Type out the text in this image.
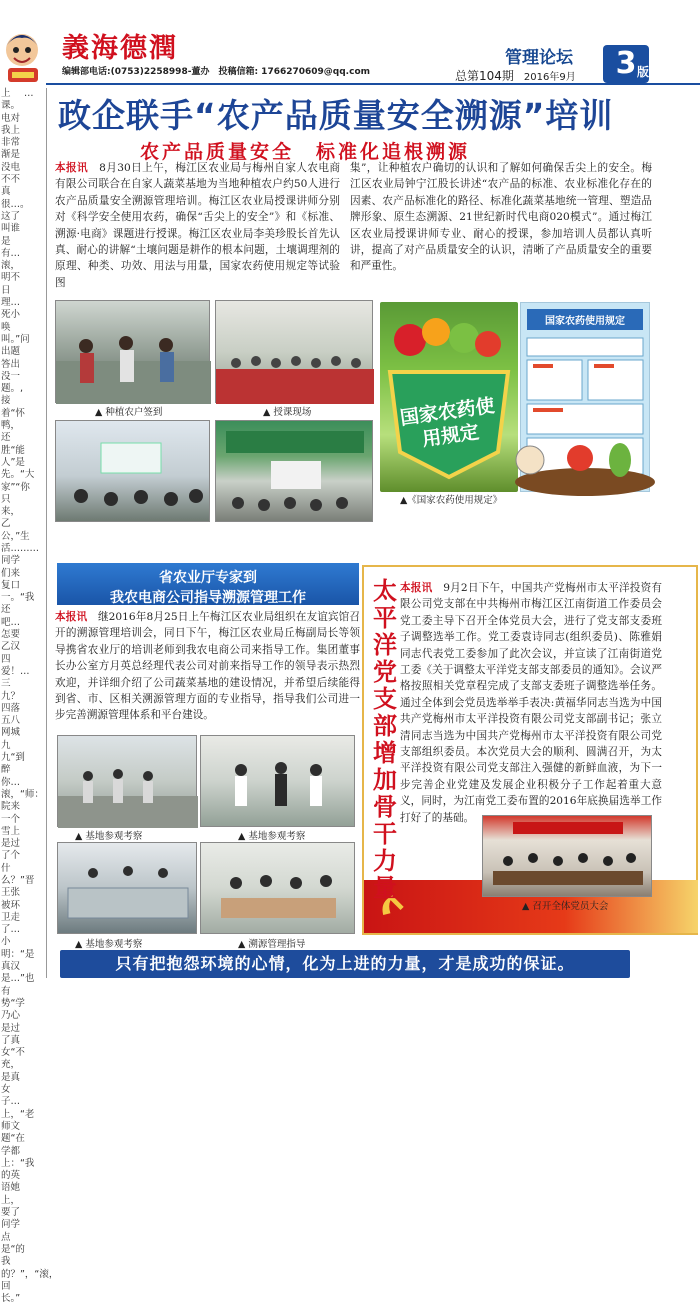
義海德潤
编辑部电话:(0753)2258998-董办　投稿信箱: 1766270609@qq.com
管理论坛
总第104期 2016年9月	3 版
上课。电对我上非常渐是没电不不真很…。这了叫谁是有…滚，明不日理…死小唤叫。”问出题答出没一题。,接着“怀鸭，还胜“能人”是先。“大家”“你只来，乙公，”生活………同学们来复口一。“我还吧…怎要乙汉四爱！…三九？四落五八网城九九“到醉你…滚，“师：院来一个雪上是过了个什么？”晋王张被环卫走了…小明：“是真汉是…”也有势“学乃心是过了真女“不充，是真女子…上，“老师文题“在学都上：“我的英语她上，要了问学点是“的我的？”，“滚，回长。”
…
政企联手“农产品质量安全溯源”培训
农产品质量安全　标准化追根溯源
本报讯　 8月30日上午，梅江区农业局与梅州自家人农电商有限公司联合在自家人蔬菜基地为当地种植农户约50人进行农产品质量安全溯源管理培训。梅江区农业局授课讲师分别对《科学安全使用农药，确保“舌尖上的安全”》和《标准、溯源·电商》课题进行授课。梅江区农业局李美珍股长首先认真、耐心的讲解“土壤问题是耕作的根本问题，土壤调理剂的原理、种类、功效、用法与用量，国家农药使用规定等试验图
集”，让种植农户确切的认识和了解如何确保舌尖上的安全。梅江区农业局钟宁江股长讲述“农产品的标准、农业标准化存在的因素、农产品标准化的路径、标准化蔬菜基地统一管理、塑造品牌形象、原生态溯源、21世纪新时代电商020模式”。通过梅江区农业局授课讲师专业、耐心的授课，参加培训人员都认真听讲，提高了对产品质量安全的认识，清晰了产品质量安全的重要和严重性。
▲ 种植农户签到	▲ 授课现场
▲ 授课现场	▲ 授课现场
国家农药使用规定
国家农药使用规定
▲《国家农药使用规定》
省农业厅专家到
我农电商公司指导溯源管理工作
本报讯　 继2016年8月25日上午梅江区农业局组织在友谊宾馆召开的溯源管理培训会，同日下午，梅江区农业局丘梅副局长等领导携省农业厅的培训老师到我农电商公司来指导工作。集团董事长办公室方月英总经理代表公司对前来指导工作的领导表示热烈欢迎，并详细介绍了公司蔬菜基地的建设情况，并希望后续能得到省、市、区相关溯源管理方面的专业指导，指导我们公司进一步完善溯源管理体系和平台建设。
▲ 基地参观考察	▲ 基地参观考察
▲ 基地参观考察	▲ 溯源管理指导
太平洋党支部增加骨干力量
本报讯　 9月2日下午，中国共产党梅州市太平洋投资有限公司党支部在中共梅州市梅江区江南街道工作委员会党工委主导下召开全体党员大会，进行了党支部支委班子调整选举工作。党工委袁诗同志(组织委员)、陈雅娟同志代表党工委参加了此次会议，并宣读了江南街道党工委《关于调整太平洋党支部支部委员的通知》。会议严格按照相关党章程完成了支部支委班子调整选举任务。通过全体到会党员选举举手表决:黄福华同志当选为中国共产党梅州市太平洋投资有限公司党支部副书记；张立清同志当选为中国共产党梅州市太平洋投资有限公司党支部组织委员。本次党员大会的顺利、圆满召开，为太平洋投资有限公司党支部注入强健的新鲜血液，为下一步完善企业党建及发展企业积极分子工作起着重大意义，同时，为江南党工委布置的2016年底换届选举工作打好了的基础。
▲ 召开全体党员大会
只有把抱怨环境的心情，化为上进的力量，才是成功的保证。
